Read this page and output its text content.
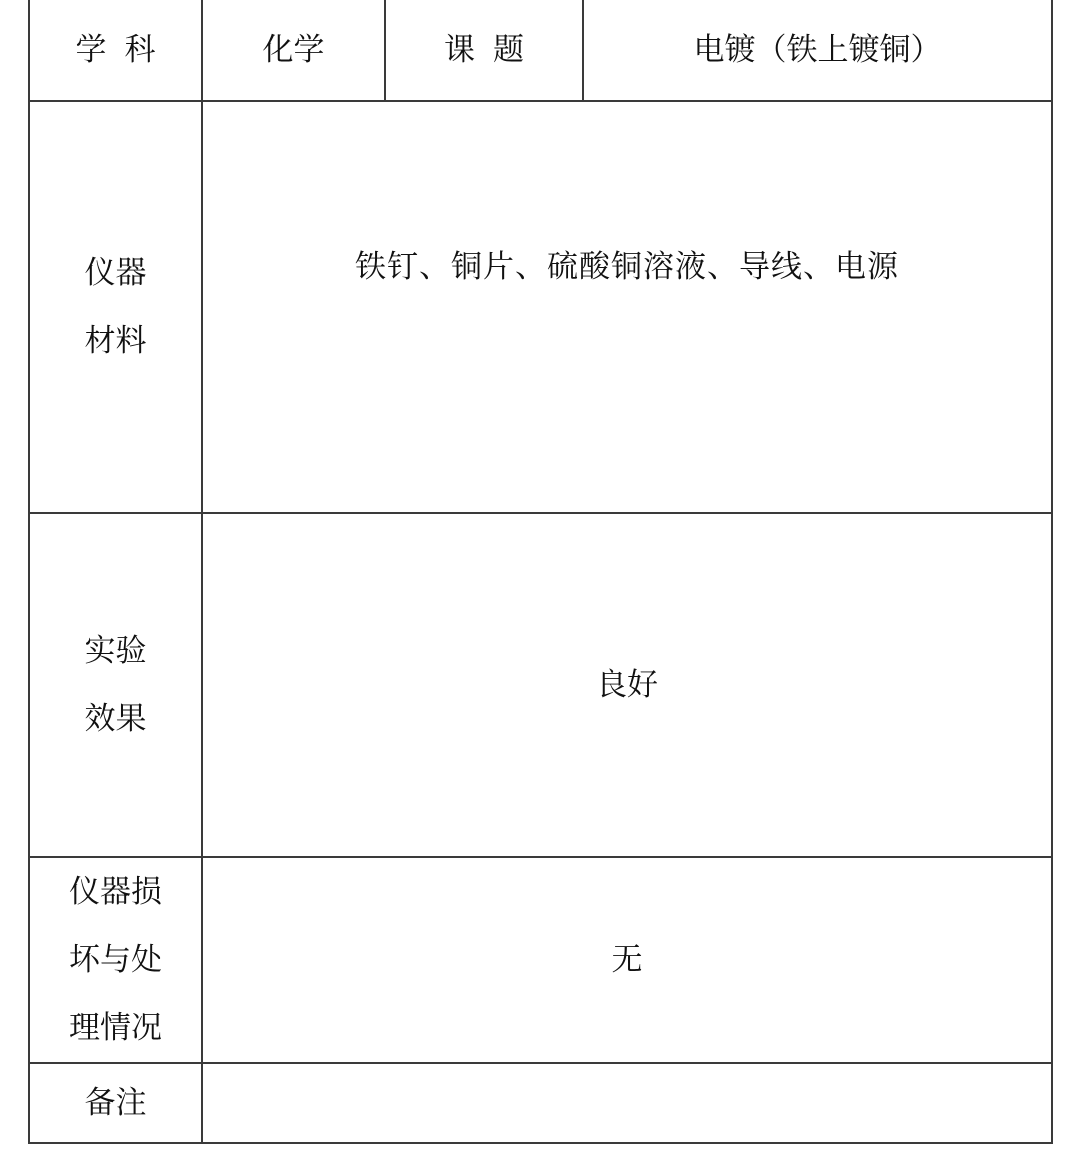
学科	化学	课题	电镀（铁上镀铜）

仪器
材料	铁钉、铜片、硫酸铜溶液、导线、电源		

实验
效果	良好		

仪器损
坏与处
理情况	无		
备注			
